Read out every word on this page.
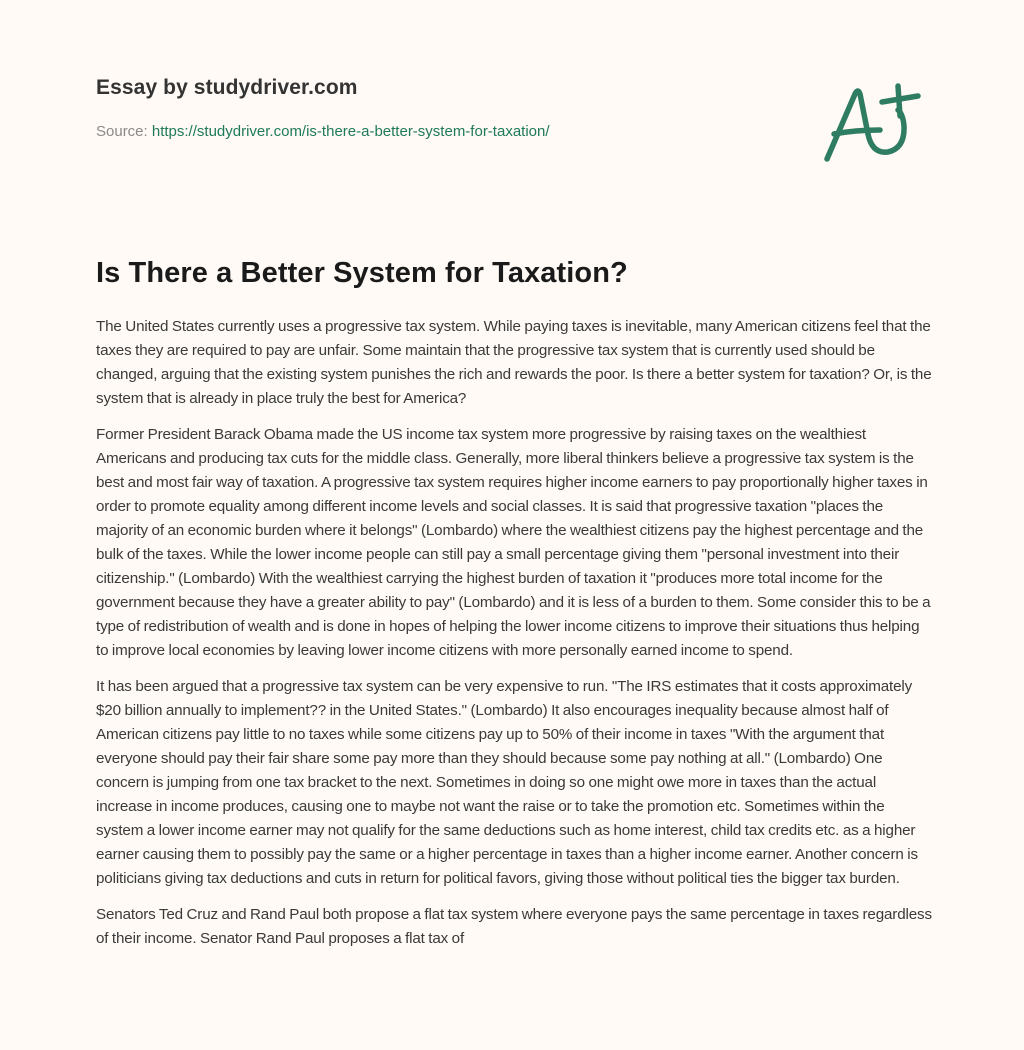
Essay by studydriver.com
Source: https://studydriver.com/is-there-a-better-system-for-taxation/
Is There a Better System for Taxation?

The United States currently uses a progressive tax system. While paying taxes is inevitable, many American citizens feel that the taxes they are required to pay are unfair. Some maintain that the progressive tax system that is currently used should be changed, arguing that the existing system punishes the rich and rewards the poor. Is there a better system for taxation? Or, is the system that is already in place truly the best for America?

Former President Barack Obama made the US income tax system more progressive by raising taxes on the wealthiest Americans and producing tax cuts for the middle class. Generally, more liberal thinkers believe a progressive tax system is the best and most fair way of taxation. A progressive tax system requires higher income earners to pay proportionally higher taxes in order to promote equality among different income levels and social classes. It is said that progressive taxation "places the majority of an economic burden where it belongs" (Lombardo) where the wealthiest citizens pay the highest percentage and the bulk of the taxes. While the lower income people can still pay a small percentage giving them "personal investment into their citizenship." (Lombardo) With the wealthiest carrying the highest burden of taxation it "produces more total income for the government because they have a greater ability to pay" (Lombardo) and it is less of a burden to them. Some consider this to be a type of redistribution of wealth and is done in hopes of helping the lower income citizens to improve their situations thus helping to improve local economies by leaving lower income citizens with more personally earned income to spend.

It has been argued that a progressive tax system can be very expensive to run. "The IRS estimates that it costs approximately $20 billion annually to implement?? in the United States." (Lombardo) It also encourages inequality because almost half of American citizens pay little to no taxes while some citizens pay up to 50% of their income in taxes "With the argument that everyone should pay their fair share some pay more than they should because some pay nothing at all." (Lombardo) One concern is jumping from one tax bracket to the next. Sometimes in doing so one might owe more in taxes than the actual increase in income produces, causing one to maybe not want the raise or to take the promotion etc. Sometimes within the system a lower income earner may not qualify for the same deductions such as home interest, child tax credits etc. as a higher earner causing them to possibly pay the same or a higher percentage in taxes than a higher income earner. Another concern is politicians giving tax deductions and cuts in return for political favors, giving those without political ties the bigger tax burden.

Senators Ted Cruz and Rand Paul both propose a flat tax system where everyone pays the same percentage in taxes regardless of their income. Senator Rand Paul proposes a flat tax of
